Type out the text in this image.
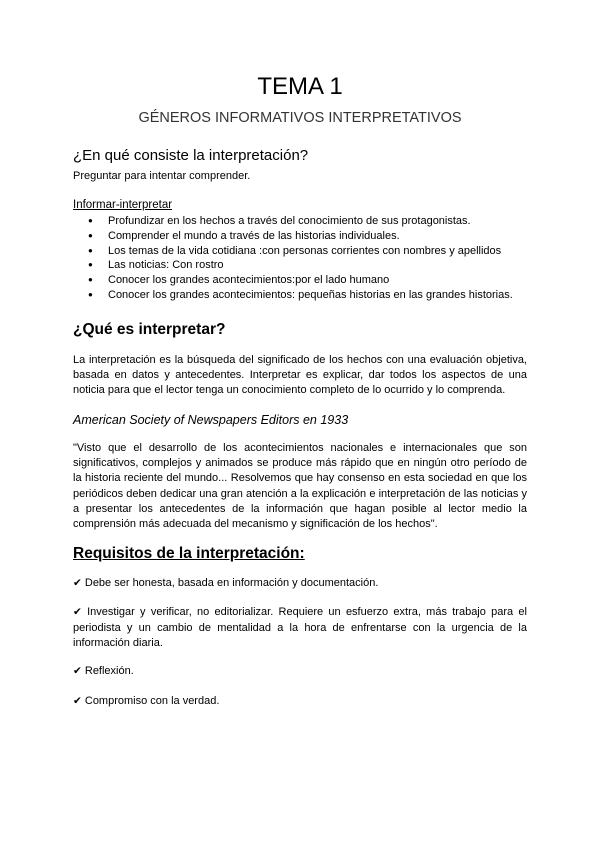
TEMA 1
GÉNEROS INFORMATIVOS INTERPRETATIVOS
¿En qué consiste la interpretación?

Preguntar para intentar comprender.

Informar-interpretar

● Profundizar en los hechos a través del conocimiento de sus protagonistas.
● Comprender el mundo a través de las historias individuales.
● Los temas de la vida cotidiana :con personas corrientes con nombres y apellidos
● Las noticias: Con rostro
● Conocer los grandes acontecimientos:por el lado humano
● Conocer los grandes acontecimientos: pequeñas historias en las grandes historias.
¿Qué es interpretar?

La interpretación es la búsqueda del significado de los hechos con una evaluación objetiva, basada en datos y antecedentes. Interpretar es explicar, dar todos los aspectos de una noticia para que el lector tenga un conocimiento completo de lo ocurrido y lo comprenda.

American Society of Newspapers Editors en 1933

"Visto que el desarrollo de los acontecimientos nacionales e internacionales que son significativos, complejos y animados se produce más rápido que en ningún otro período de la historia reciente del mundo... Resolvemos que hay consenso en esta sociedad en que los periódicos deben dedicar una gran atención a la explicación e interpretación de las noticias y a presentar los antecedentes de la información que hagan posible al lector medio la comprensión más adecuada del mecanismo y significación de los hechos".

Requisitos de la interpretación:

✔ Debe ser honesta, basada en información y documentación.

✔ Investigar y verificar, no editorializar. Requiere un esfuerzo extra, más trabajo para el periodista y un cambio de mentalidad a la hora de enfrentarse con la urgencia de la información diaria.

✔ Reflexión.

✔ Compromiso con la verdad.
